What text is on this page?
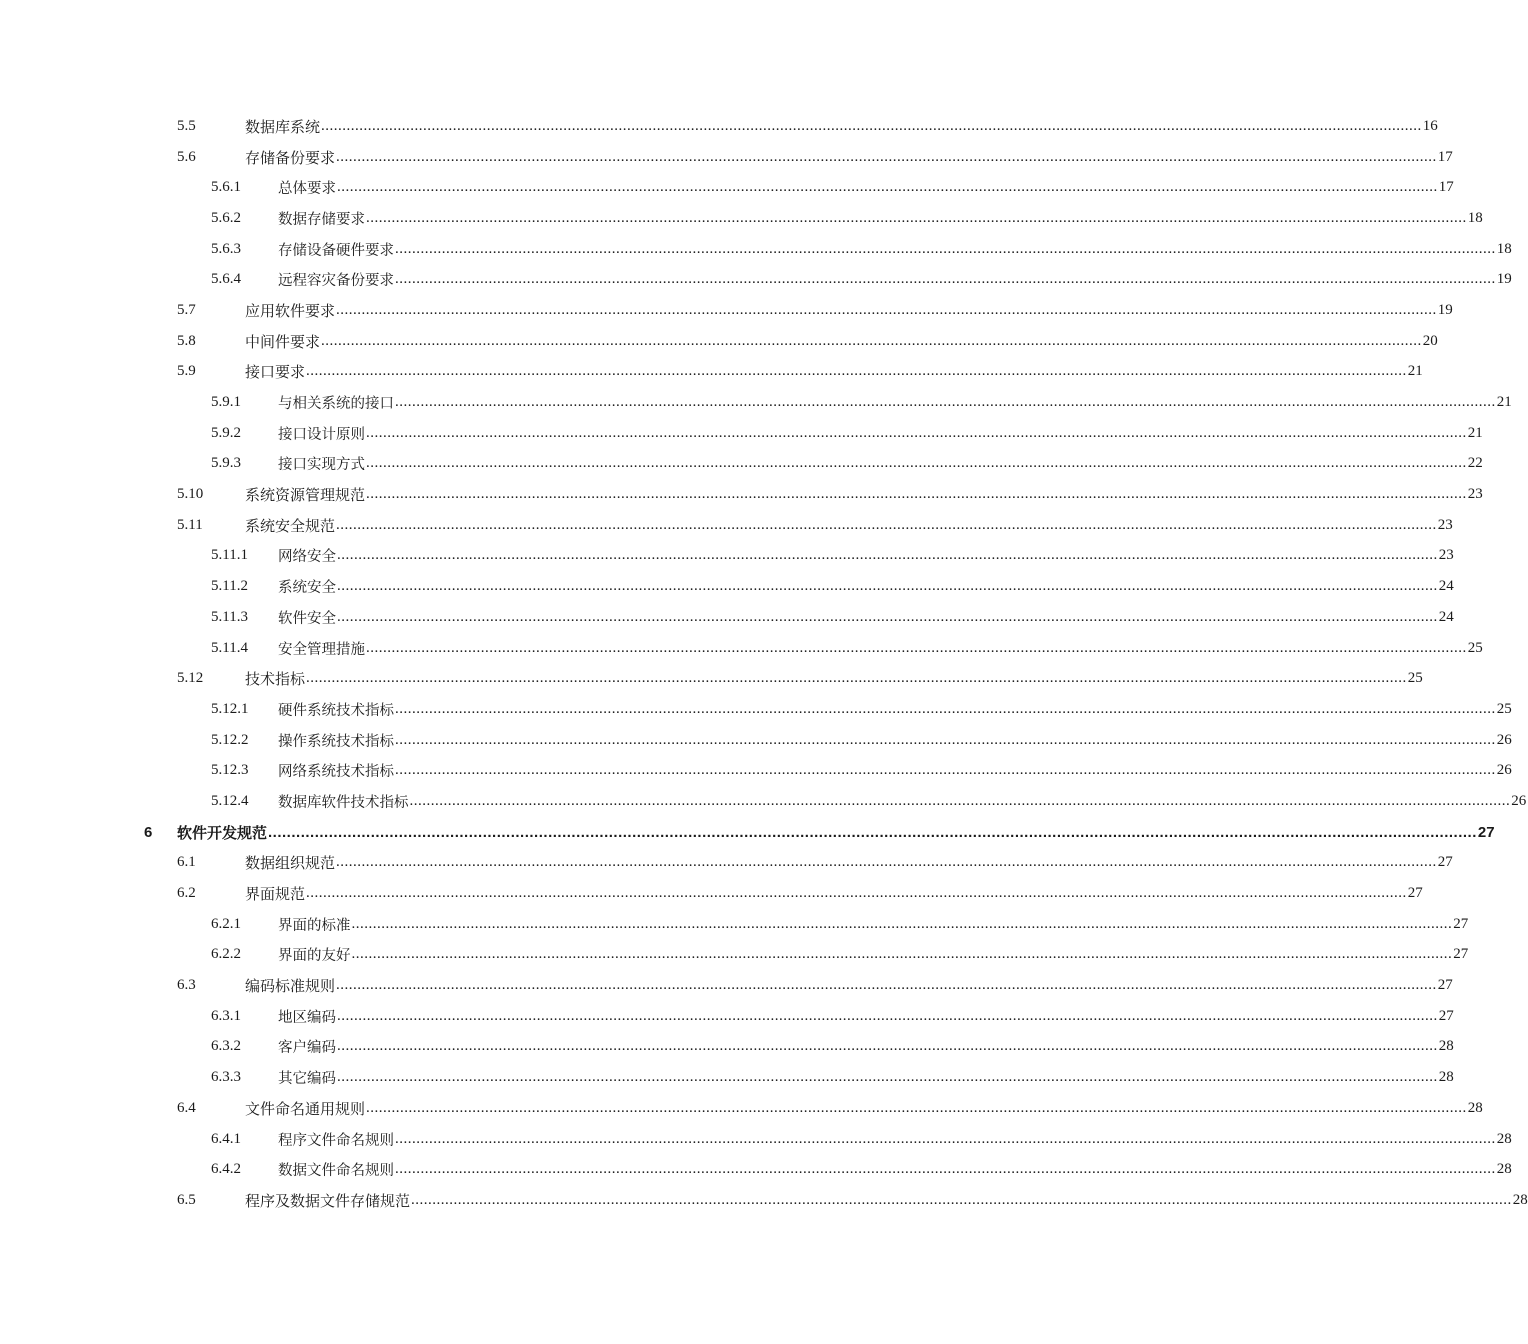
5.5	数据库系统 ................................................................................................................................................................................................................................................................... 16
5.6	存储备份要求 ................................................................................................................................................................................................................................................................... 17
5.6.1	总体要求 ................................................................................................................................................................................................................................................................... 17
5.6.2	数据存储要求 ................................................................................................................................................................................................................................................................... 18
5.6.3	存储设备硬件要求 ................................................................................................................................................................................................................................................................... 18
5.6.4	远程容灾备份要求 ................................................................................................................................................................................................................................................................... 19
5.7	应用软件要求 ................................................................................................................................................................................................................................................................... 19
5.8	中间件要求 ................................................................................................................................................................................................................................................................... 20
5.9	接口要求 ................................................................................................................................................................................................................................................................... 21
5.9.1	与相关系统的接口 ................................................................................................................................................................................................................................................................... 21
5.9.2	接口设计原则 ................................................................................................................................................................................................................................................................... 21
5.9.3	接口实现方式 ................................................................................................................................................................................................................................................................... 22
5.10	系统资源管理规范 ................................................................................................................................................................................................................................................................... 23
5.11	系统安全规范 ................................................................................................................................................................................................................................................................... 23
5.11.1 网络安全 ................................................................................................................................................................................................................................................................... 23
5.11.2 系统安全 ................................................................................................................................................................................................................................................................... 24
5.11.3 软件安全 ................................................................................................................................................................................................................................................................... 24
5.11.4 安全管理措施 ................................................................................................................................................................................................................................................................... 25
5.12	技术指标 ................................................................................................................................................................................................................................................................... 25
5.12.1 硬件系统技术指标 ................................................................................................................................................................................................................................................................... 25
5.12.2 操作系统技术指标 ................................................................................................................................................................................................................................................................... 26
5.12.3 网络系统技术指标 ................................................................................................................................................................................................................................................................... 26
5.12.4 数据库软件技术指标 ................................................................................................................................................................................................................................................................... 26
6 软件开发规范 ................................................................................................................................................................................................................................................................... 27
6.1	数据组织规范 ................................................................................................................................................................................................................................................................... 27
6.2	界面规范 ................................................................................................................................................................................................................................................................... 27
6.2.1	界面的标准 ................................................................................................................................................................................................................................................................... 27
6.2.2	界面的友好 ................................................................................................................................................................................................................................................................... 27
6.3	编码标准规则 ................................................................................................................................................................................................................................................................... 27
6.3.1	地区编码 ................................................................................................................................................................................................................................................................... 27
6.3.2	客户编码 ................................................................................................................................................................................................................................................................... 28
6.3.3	其它编码 ................................................................................................................................................................................................................................................................... 28
6.4	文件命名通用规则 ................................................................................................................................................................................................................................................................... 28
6.4.1	程序文件命名规则 ................................................................................................................................................................................................................................................................... 28
6.4.2	数据文件命名规则 ................................................................................................................................................................................................................................................................... 28
6.5	程序及数据文件存储规范 ................................................................................................................................................................................................................................................................... 28
